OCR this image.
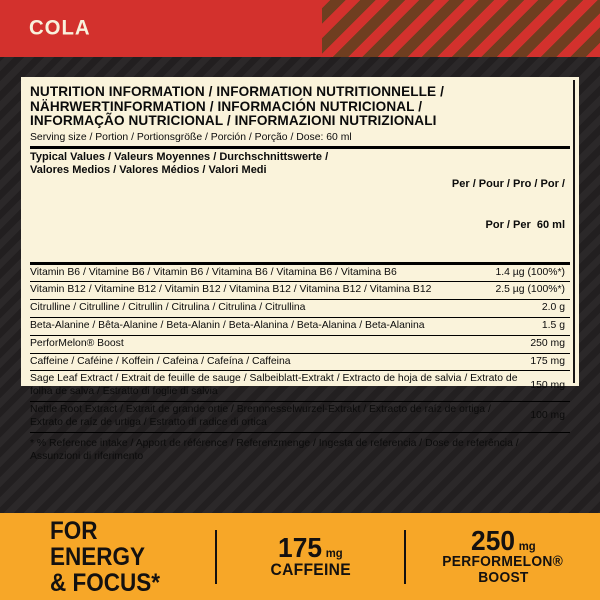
COLA
NUTRITION INFORMATION / INFORMATION NUTRITIONNELLE /
NÄHRWERTINFORMATION / INFORMACIÓN NUTRICIONAL /
INFORMAÇÃO NUTRICIONAL / INFORMAZIONI NUTRIZIONALI
Serving size / Portion / Portionsgröße / Porción / Porção / Dose: 60 ml
Typical Values / Valeurs Moyennes / Durchschnittswerte /
Valores Medios / Valores Médios / Valori Medi

Per / Pour / Pro / Por /

Por / Per  60 ml

Vitamin B6 / Vitamine B6 / Vitamin B6 / Vitamina B6 / Vitamina B6 / Vitamina B6	1.4 µg (100%*)
Vitamin B12 / Vitamine B12 / Vitamin B12 / Vitamina B12 / Vitamina B12 / Vitamina B12	2.5 µg (100%*)
Citrulline / Citrulline / Citrullin / Citrulina / Citrulina / Citrullina	2.0 g
Beta-Alanine / Bêta-Alanine / Beta-Alanin / Beta-Alanina / Beta-Alanina / Beta-Alanina	1.5 g
PerforMelon® Boost	250 mg
Caffeine / Caféine / Koffein / Cafeina / Cafeína / Caffeina	175 mg
Sage Leaf Extract / Extrait de feuille de sauge / Salbeiblatt-Extrakt / Extracto de hoja de salvia / Extrato de folha de salva / Estratto di foglie di salvia
150 mg
Nettle Root Extract / Extrait de grande ortie / Brennnesselwurzel-Extrakt / Extracto de raíz de ortiga / Extrato de raíz de urtiga / Estratto di radice di ortica
100 mg
* % Reference intake / Apport de référence / Referenzmenge / Ingesta de referencia / Dose de referência / Assunzioni di riferimento
FOR ENERGY
& FOCUS*
175 mg
CAFFEINE
250 mg
PERFORMELON®
BOOST
